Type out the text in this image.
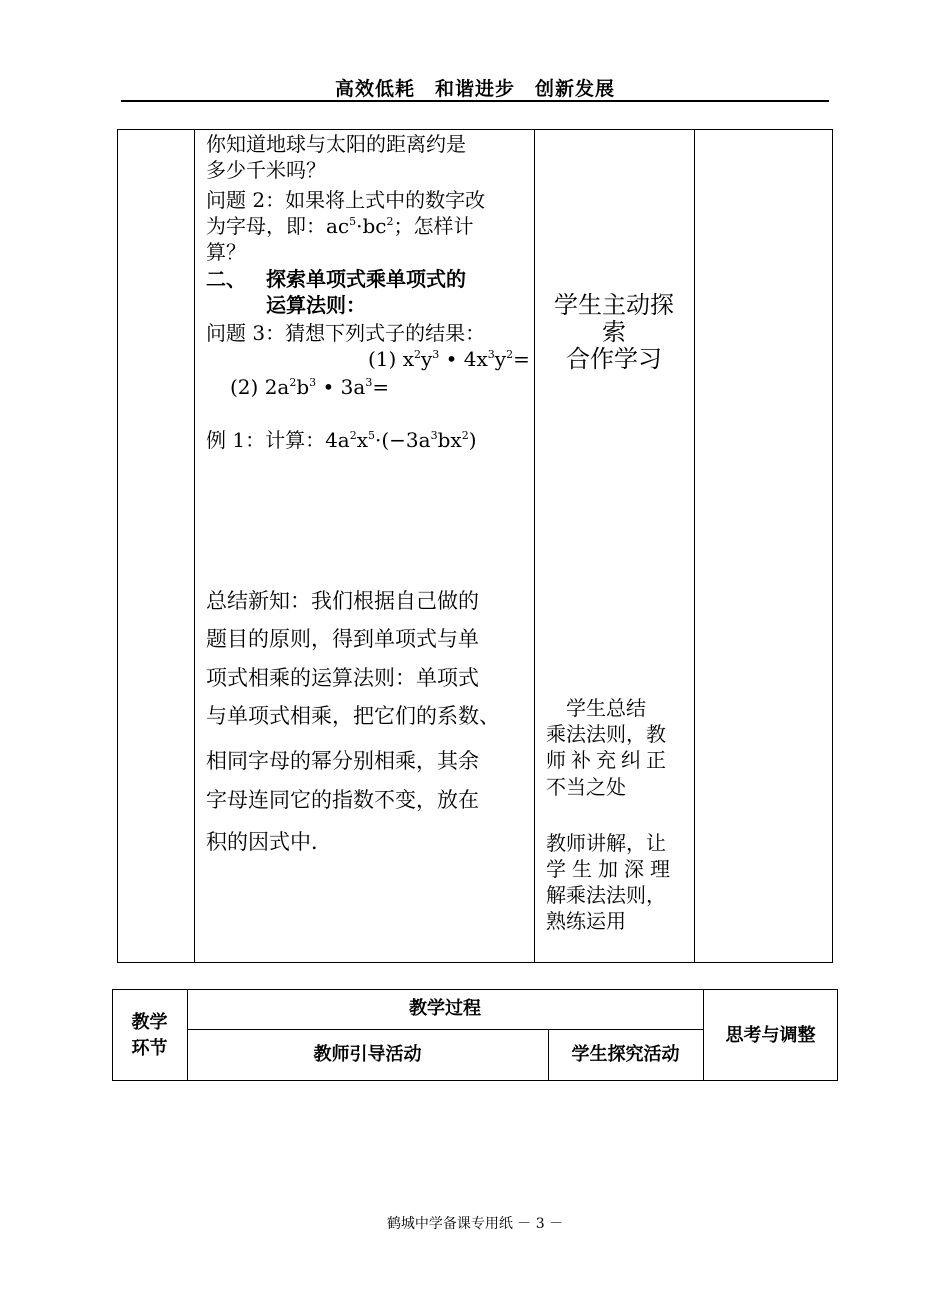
高效低耗　和谐进步　创新发展
你知道地球与太阳的距离约是
多少千米吗？
问题 2：如果将上式中的数字改
为字母，即：$ac^5\cdot bc^2$；怎样计
算？
二、 探索单项式乘单项式的
运算法则：
问题 3：猜想下列式子的结果：
(1) $x^2y^3$ • $4x^3y^2=$
(2) $2a^2b^3$ • $3a^3=$
例 1：计算：$4a^2x^5\cdot(-3a^3bx^2)$
总结新知：我们根据自己做的
题目的原则，得到单项式与单
项式相乘的运算法则：单项式
与单项式相乘，把它们的系数、
相同字母的幂分别相乘，其余
字母连同它的指数不变，放在
积的因式中．
学生主动探
索
合作学习
　学生总结
乘法法则，教
师补充纠正
不当之处
教师讲解，让
学生加深理
解乘法法则，
熟练运用
教学
环节
教学过程
教师引导活动	学生探究活动
思考与调整
鹤城中学备课专用纸 － 3 －
